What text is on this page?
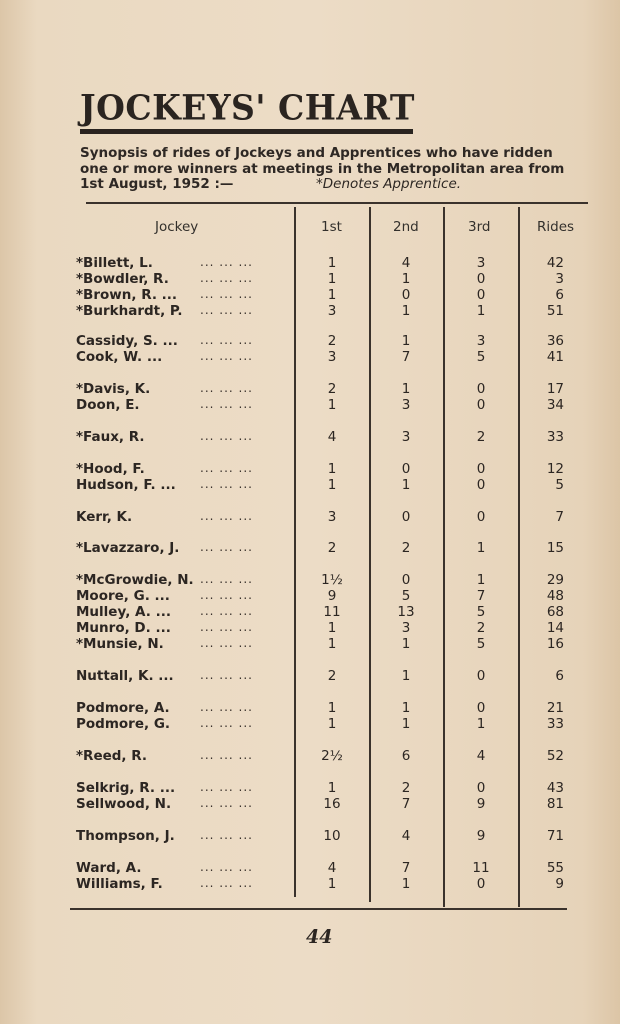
JOCKEYS' CHART
Synopsis of rides of Jockeys and Apprentices who have ridden
one or more winners at meetings in the Metropolitan area from
1st August, 1952 :—	*Denotes Apprentice.
Jockey	1st	2nd	3rd	Rides
*Billett, L.	... ... ...	1	4	3	42
*Bowdler, R.	... ... ...	1	1	0	3
*Brown, R. ... ... ... ...	1	0	0	6
*Burkhardt, P. ... ... ...	3	1	1	51
Cassidy, S. ... ... ... ...	2	1	3	36
Cook, W. ...	... ... ...	3	7	5	41
*Davis, K.	... ... ...	2	1	0	17
Doon, E.	... ... ...	1	3	0	34
*Faux, R.	... ... ...	4	3	2	33
*Hood, F.	... ... ...	1	0	0	12
Hudson, F. ... ... ... ...	1	1	0	5
Kerr, K.	... ... ...	3	0	0	7
*Lavazzaro, J. ... ... ...	2	2	1	15
*McGrowdie, N. ... ... ...	1½	0	1	29
Moore, G. ...	... ... ...	9	5	7	48
Mulley, A. ... ... ... ...	11	13	5	68
Munro, D. ... ... ... ...	1	3	2	14
*Munsie, N.	... ... ...	1	1	5	16
Nuttall, K. ... ... ... ...	2	1	0	6
Podmore, A.	... ... ...	1	1	0	21
Podmore, G. ... ... ...	1	1	1	33
*Reed, R.	... ... ...	2½	6	4	52
Selkrig, R. ... ... ... ...	1	2	0	43
Sellwood, N. ... ... ...	16	7	9	81
Thompson, J. ... ... ...	10	4	9	71
Ward, A.	... ... ...	4	7	11	55
Williams, F.	... ... ...	1	1	0	9
44
